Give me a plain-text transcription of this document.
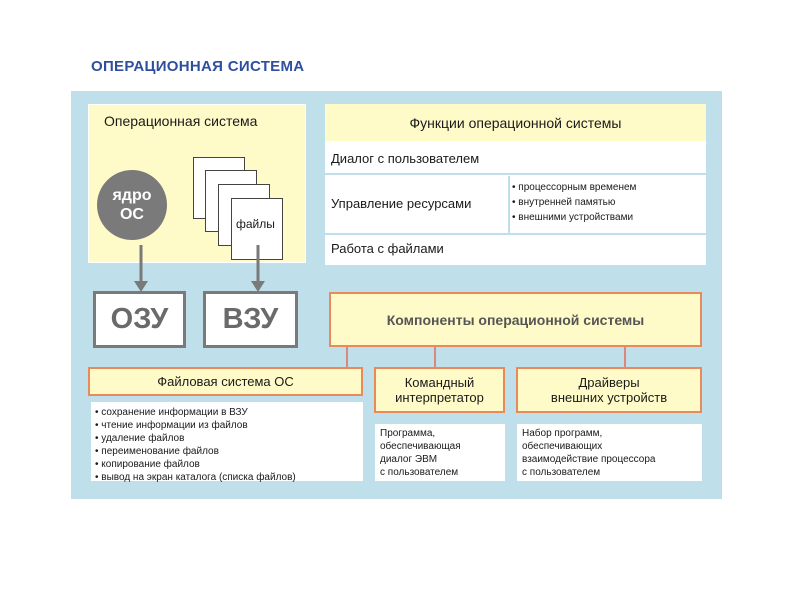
ОПЕРАЦИОННАЯ СИСТЕМА
Операционная система
файлы
ядро
ОС
Функции операционной системы
Диалог с пользователем
Управление ресурсами
• процессорным временем
• внутренней памятью
• внешними устройствами
Работа с файлами
ОЗУ	ВЗУ	Компоненты операционной системы
Файловая система ОС
• сохранение информации в ВЗУ
• чтение информации из файлов
• удаление файлов
• переименование файлов
• копирование файлов
• вывод на экран каталога (списка файлов)
Командный
интерпретатор
Программа,
обеспечивающая
диалог ЭВМ
с пользователем
Драйверы
внешних устройств
Набор программ,
обеспечивающих
взаимодействие процессора
с пользователем
